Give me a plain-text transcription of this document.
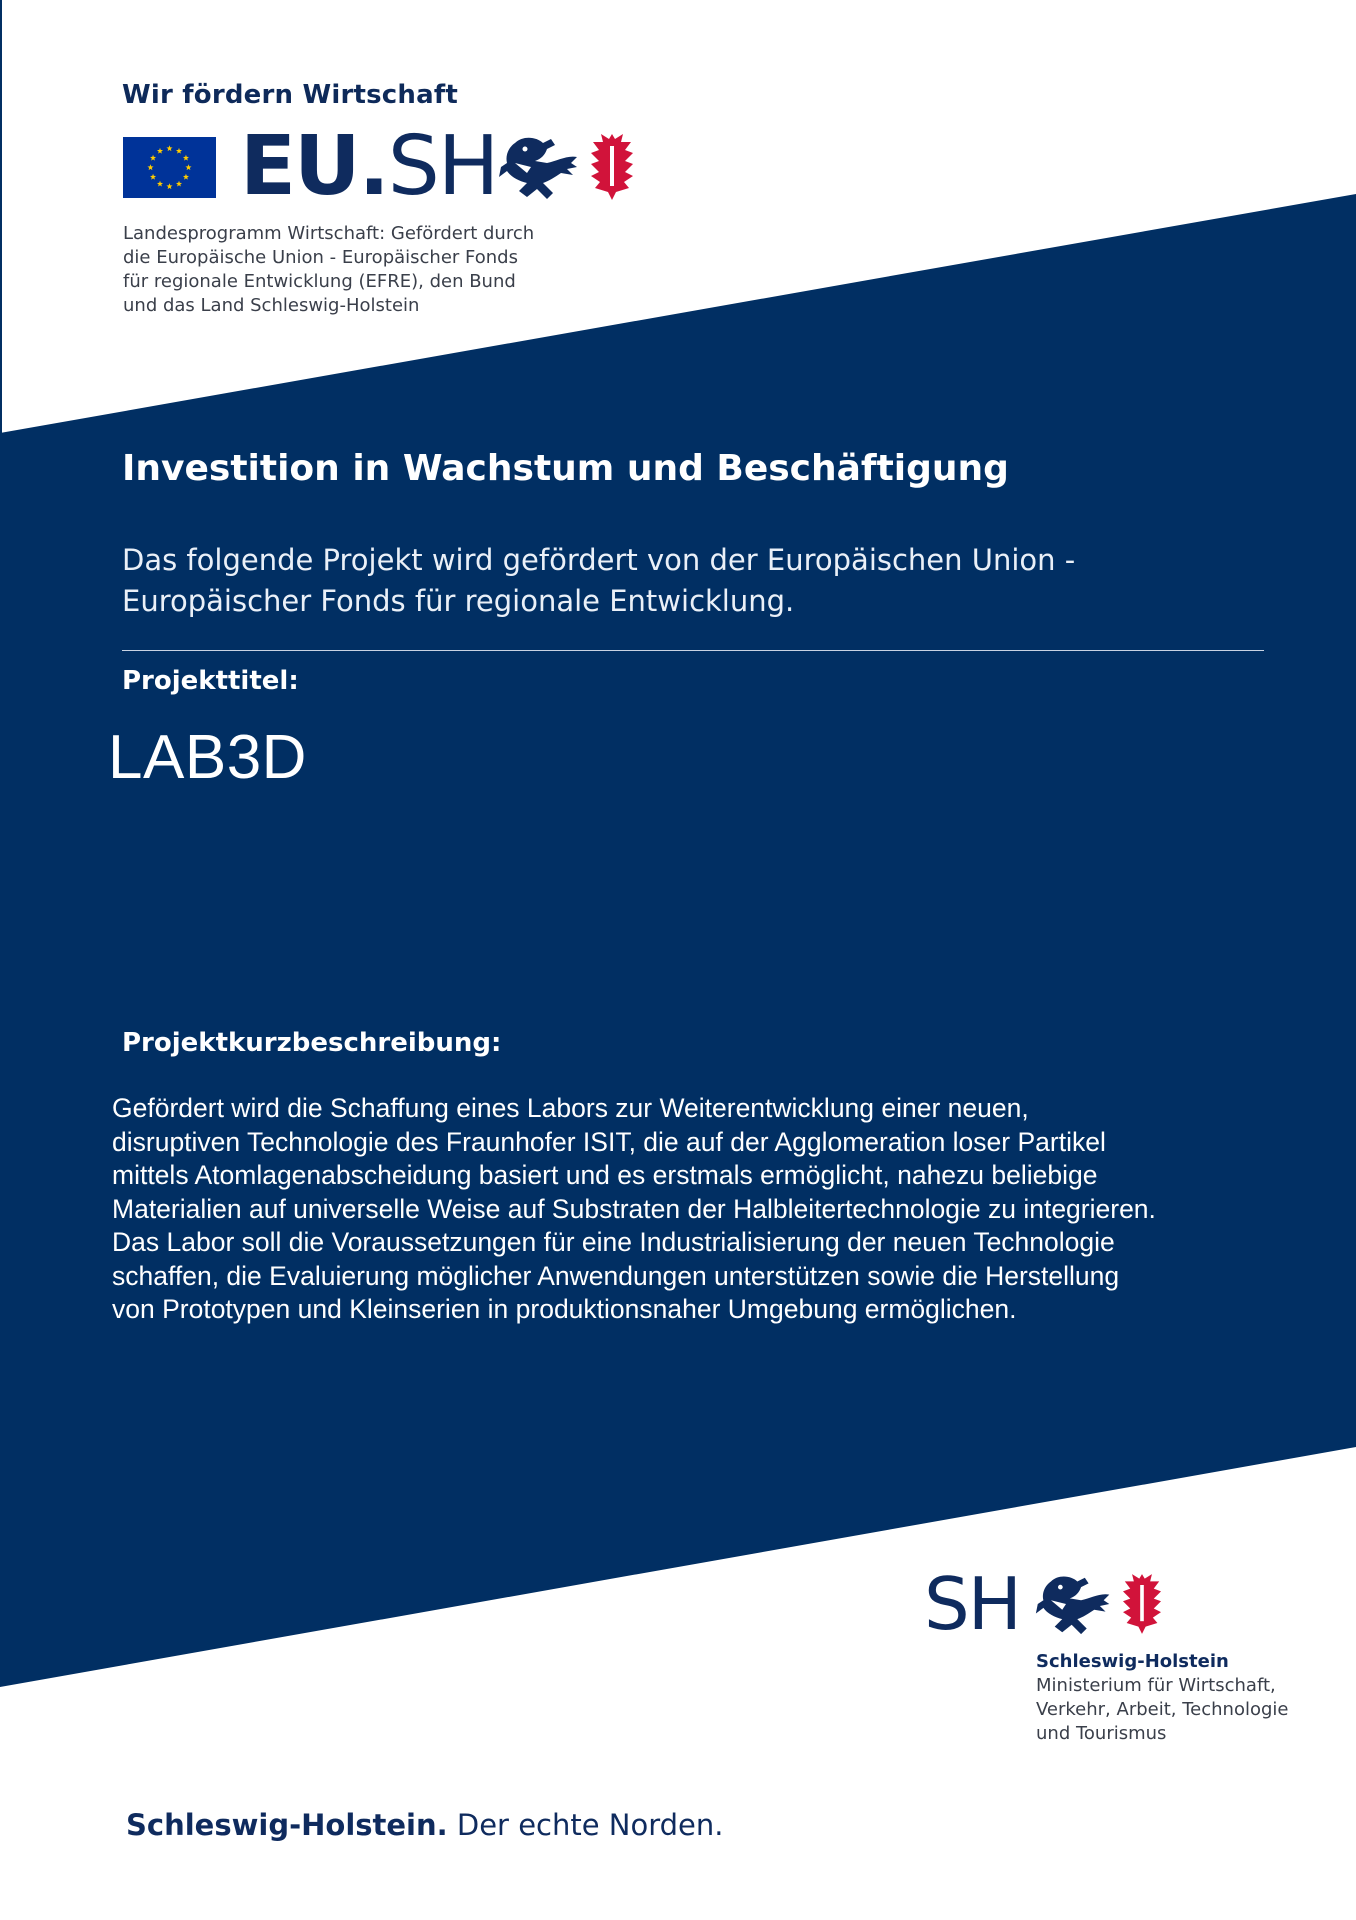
Wir fördern Wirtschaft
EU.SH
Landesprogramm Wirtschaft: Gefördert durch
die Europäische Union - Europäischer Fonds
für regionale Entwicklung (EFRE), den Bund
und das Land Schleswig-Holstein
Investition in Wachstum und Beschäftigung
Das folgende Projekt wird gefördert von der Europäischen Union -
Europäischer Fonds für regionale Entwicklung.
Projekttitel:
LAB3D
Projektkurzbeschreibung:
Gefördert wird die Schaffung eines Labors zur Weiterentwicklung einer neuen,
disruptiven Technologie des Fraunhofer ISIT, die auf der Agglomeration loser Partikel
mittels Atomlagenabscheidung basiert und es erstmals ermöglicht, nahezu beliebige
Materialien auf universelle Weise auf Substraten der Halbleitertechnologie zu integrieren.
Das Labor soll die Voraussetzungen für eine Industrialisierung der neuen Technologie
schaffen, die Evaluierung möglicher Anwendungen unterstützen sowie die Herstellung
von Prototypen und Kleinserien in produktionsnaher Umgebung ermöglichen.
SH
Schleswig-Holstein
Ministerium für Wirtschaft,
Verkehr, Arbeit, Technologie
und Tourismus
Schleswig-Holstein. Der echte Norden.
